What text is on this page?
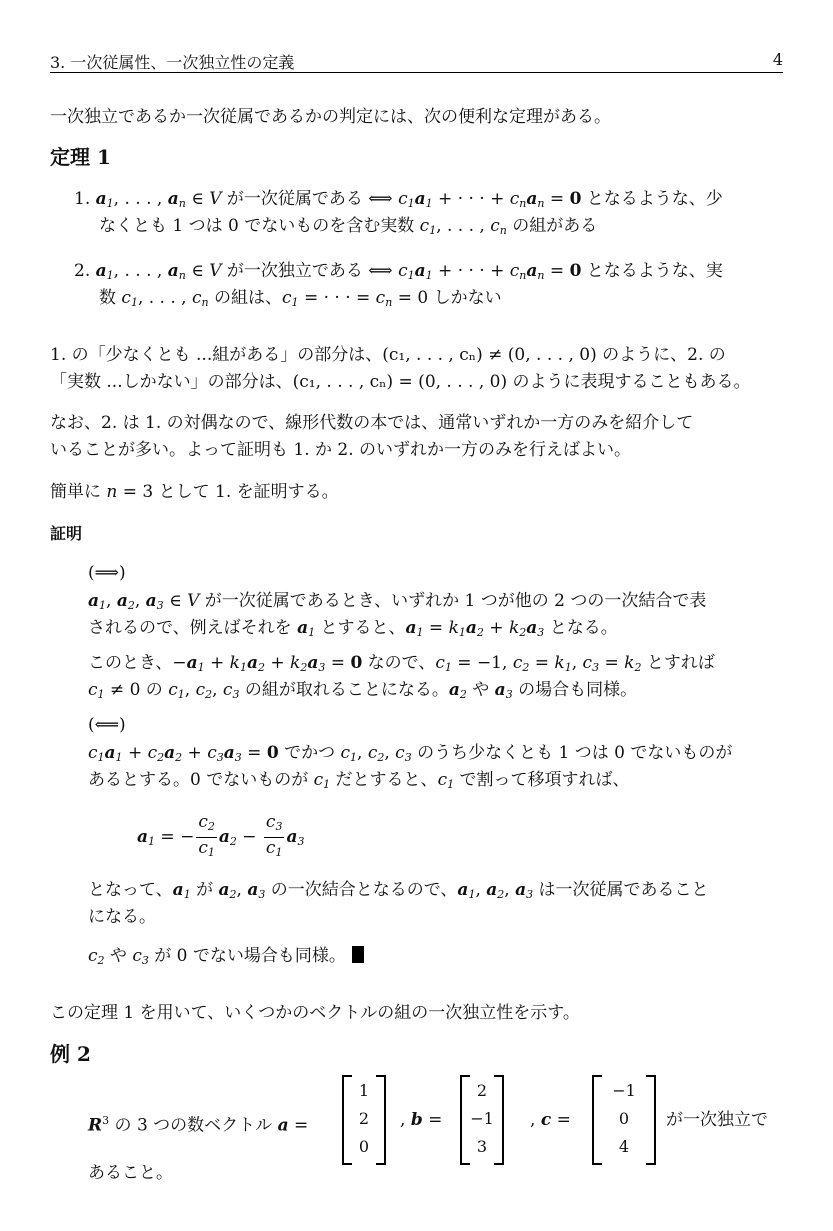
3. 一次従属性、一次独立性の定義	4
一次独立であるか一次従属であるかの判定には、次の便利な定理がある。
定理 1
1. $a_1$, . . . , $a_n$ ∈ V が一次従属である ⟺ $c_1a_1$ + · · · + $c_na_n = 0$ となるような、少
なくとも 1 つは 0 でないものを含む実数 $c_1$, . . . , $c_n$ の組がある
2. $a_1$, . . . , $a_n$ ∈ V が一次独立である ⟺ $c_1a_1$ + · · · + $c_na_n = 0$ となるような、実
数 $c_1$, . . . , $c_n$ の組は、$c_1$ = · · · = $c_n = 0$ しかない
1. の「少なくとも ...組がある」の部分は、(c₁, . . . , cₙ) ≠ (0, . . . , 0) のように、2. の
「実数 ...しかない」の部分は、(c₁, . . . , cₙ) = (0, . . . , 0) のように表現することもある。
なお、2. は 1. の対偶なので、線形代数の本では、通常いずれか一方のみを紹介して
いることが多い。よって証明も 1. か 2. のいずれか一方のみを行えばよい。
簡単に n = 3 として 1. を証明する。
証明
(⟹)
$a_1$, $a_2$, $a_3$ ∈ V が一次従属であるとき、いずれか 1 つが他の 2 つの一次結合で表
されるので、例えばそれを $a_1$ とすると、$a_1 = k_1a_2 + k_2a_3$ となる。
このとき、$-a_1 + k_1a_2 + k_2a_3 = 0$ なので、$c_1 = -1$, $c_2 = k_1$, $c_3 = k_2$ とすれば
$c_1 \ne 0$ の $c_1$, $c_2$, $c_3$ の組が取れることになる。$a_2$ や $a_3$ の場合も同様。
(⟸)
$c_1a_1 + c_2a_2 + c_3a_3 = 0$ でかつ $c_1$, $c_2$, $c_3$ のうち少なくとも 1 つは 0 でないものが
あるとする。0 でないものが $c_1$ だとすると、$c_1$ で割って移項すれば、
$a_1$ = − $\frac{c_2}{c_1} a_2 - \frac{c_3}{c_1} a_3$
となって、$a_1$ が $a_2$, $a_3$ の一次結合となるので、$a_1$, $a_2$, $a_3$ は一次従属であること
になる。
$c_2$ や $c_3$ が 0 でない場合も同様。
この定理 1 を用いて、いくつかのベクトルの組の一次独立性を示す。
例 2
$R^3$ の 3 つの数ベクトル a =
1
2
0
, b =
2
−1
3
, c =
−1
0
4
が一次独立で
あること。
